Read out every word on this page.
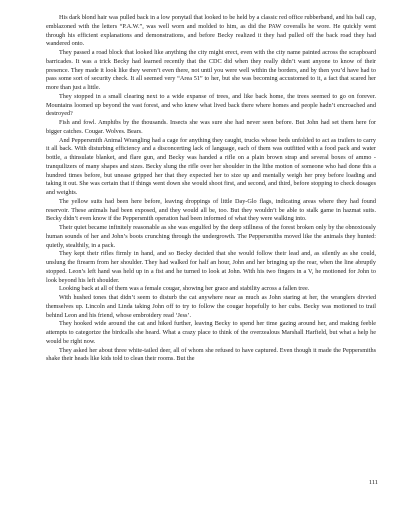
His dark blond hair was pulled back in a low ponytail that looked to be held by a classic red office rubberband, and his ball cap, emblazoned with the letters “P.A.W.”, was well worn and molded to him, as did the PAW coveralls he wore. He quickly went through his efficient explanations and demonstrations, and before Becky realized it they had pulled off the back road they had wandered onto.

They passed a road block that looked like anything the city might erect, even with the city name painted across the scrapboard barricades. It was a trick Becky had learned recently that the CDC did when they really didn’t want anyone to know of their presence. They made it look like they weren’t even there, not until you were well within the borders, and by then you’d have had to pass some sort of security check. It all seemed very “Area 51” to her, but she was becoming accustomed to it, a fact that scared her more than just a little.

They stopped in a small clearing next to a wide expanse of trees, and like back home, the trees seemed to go on forever. Mountains loomed up beyond the vast forest, and who knew what lived back there where homes and people hadn’t encroached and destroyed?

Fish and fowl. Amphibs by the thousands. Insects she was sure she had never seen before. But John had set them here for bigger catches. Cougar. Wolves. Bears.

And Peppersmith Animal Wrangling had a cage for anything they caught, trucks whose beds unfolded to act as trailers to carry it all back. With disturbing efficiency and a disconcerting lack of language, each of them was outfitted with a food pack and water bottle, a thinsulate blanket, and flare gun, and Becky was handed a rifle on a plain brown strap and several boxes of ammo - tranquilizers of many shapes and sizes. Becky slung the rifle over her shoulder in the lithe motion of someone who had done this a hundred times before, but unease gripped her that they expected her to size up and mentally weigh her prey before loading and taking it out. She was certain that if things went down she would shoot first, and second, and third, before stopping to check dosages and weights.

The yellow suits had been here before, leaving droppings of little Day-Glo flags, indicating areas where they had found reservoir. These animals had been exposed, and they would all be, too. But they wouldn’t be able to stalk game in hazmat suits. Becky didn’t even know if the Peppersmith operation had been informed of what they were walking into.

Their quiet became infinitely reasonable as she was engulfed by the deep stillness of the forest broken only by the obnoxiously human sounds of her and John’s boots crunching through the undergrowth. The Peppersmiths moved like the animals they hunted: quietly, stealthily, in a pack.

They kept their rifles firmly in hand, and so Becky decided that she would follow their lead and, as silently as she could, unslung the firearm from her shoulder. They had walked for half an hour, John and her bringing up the rear, when the line abruptly stopped. Leon’s left hand was held up in a fist and he turned to look at John. With his two fingers in a V, he motioned for John to look beyond his left shoulder.

Looking back at all of them was a female cougar, showing her grace and stability across a fallen tree.

With hushed tones that didn’t seem to disturb the cat anywhere near as much as John staring at her, the wranglers divvied themselves up. Lincoln and Linda taking John off to try to follow the cougar hopefully to her cubs. Becky was motioned to trail behind Leon and his friend, whose embroidery read ‘Jess’.

They hooked wide around the cat and hiked further, leaving Becky to spend her time gazing around her, and making feeble attempts to categorize the birdcalls she heard. What a crazy place to think of the overzealous Marshall Harfield, but what a help he would be right now.

They asked her about three white-tailed deer, all of whom she refused to have captured. Even though it made the Peppersmiths shake their heads like kids told to clean their rooms. But the

111
